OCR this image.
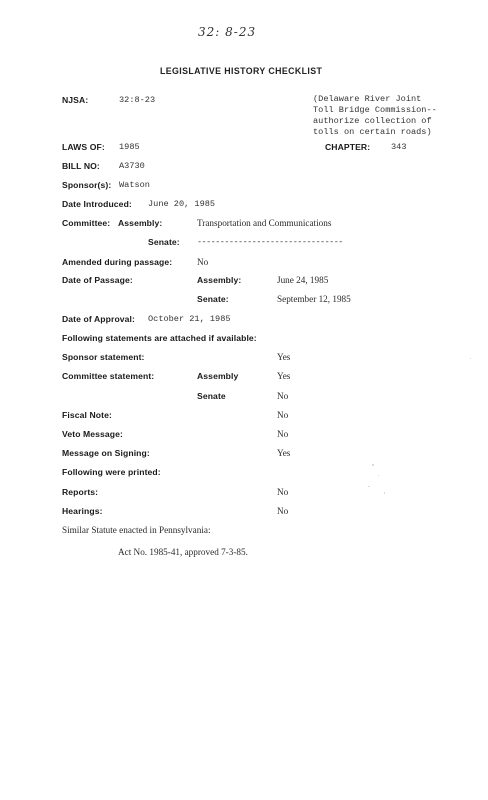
32: 8-23
LEGISLATIVE HISTORY CHECKLIST
NJSA:	32:8-23	(Delaware River Joint Toll Bridge Commission--authorize collection of tolls on certain roads)
LAWS OF: 1985	CHAPTER: 343
BILL NO: A3730
Sponsor(s): Watson
Date Introduced: June 20, 1985
Committee: Assembly:	Transportation and Communications
Senate: --------------------------------
Amended during passage:	No
Date of Passage:	Assembly:	June 24, 1985
Senate:	September 12, 1985
Date of Approval: October 21, 1985
Following statements are attached if available:
Sponsor statement:	Yes
Committee statement:	Assembly	Yes
Senate	No
Fiscal Note:	No
Veto Message:	No
Message on Signing:	Yes
Following were printed:
Reports:	No
Hearings:	No
Similar Statute enacted in Pennsylvania:
Act No. 1985-41, approved 7-3-85.
